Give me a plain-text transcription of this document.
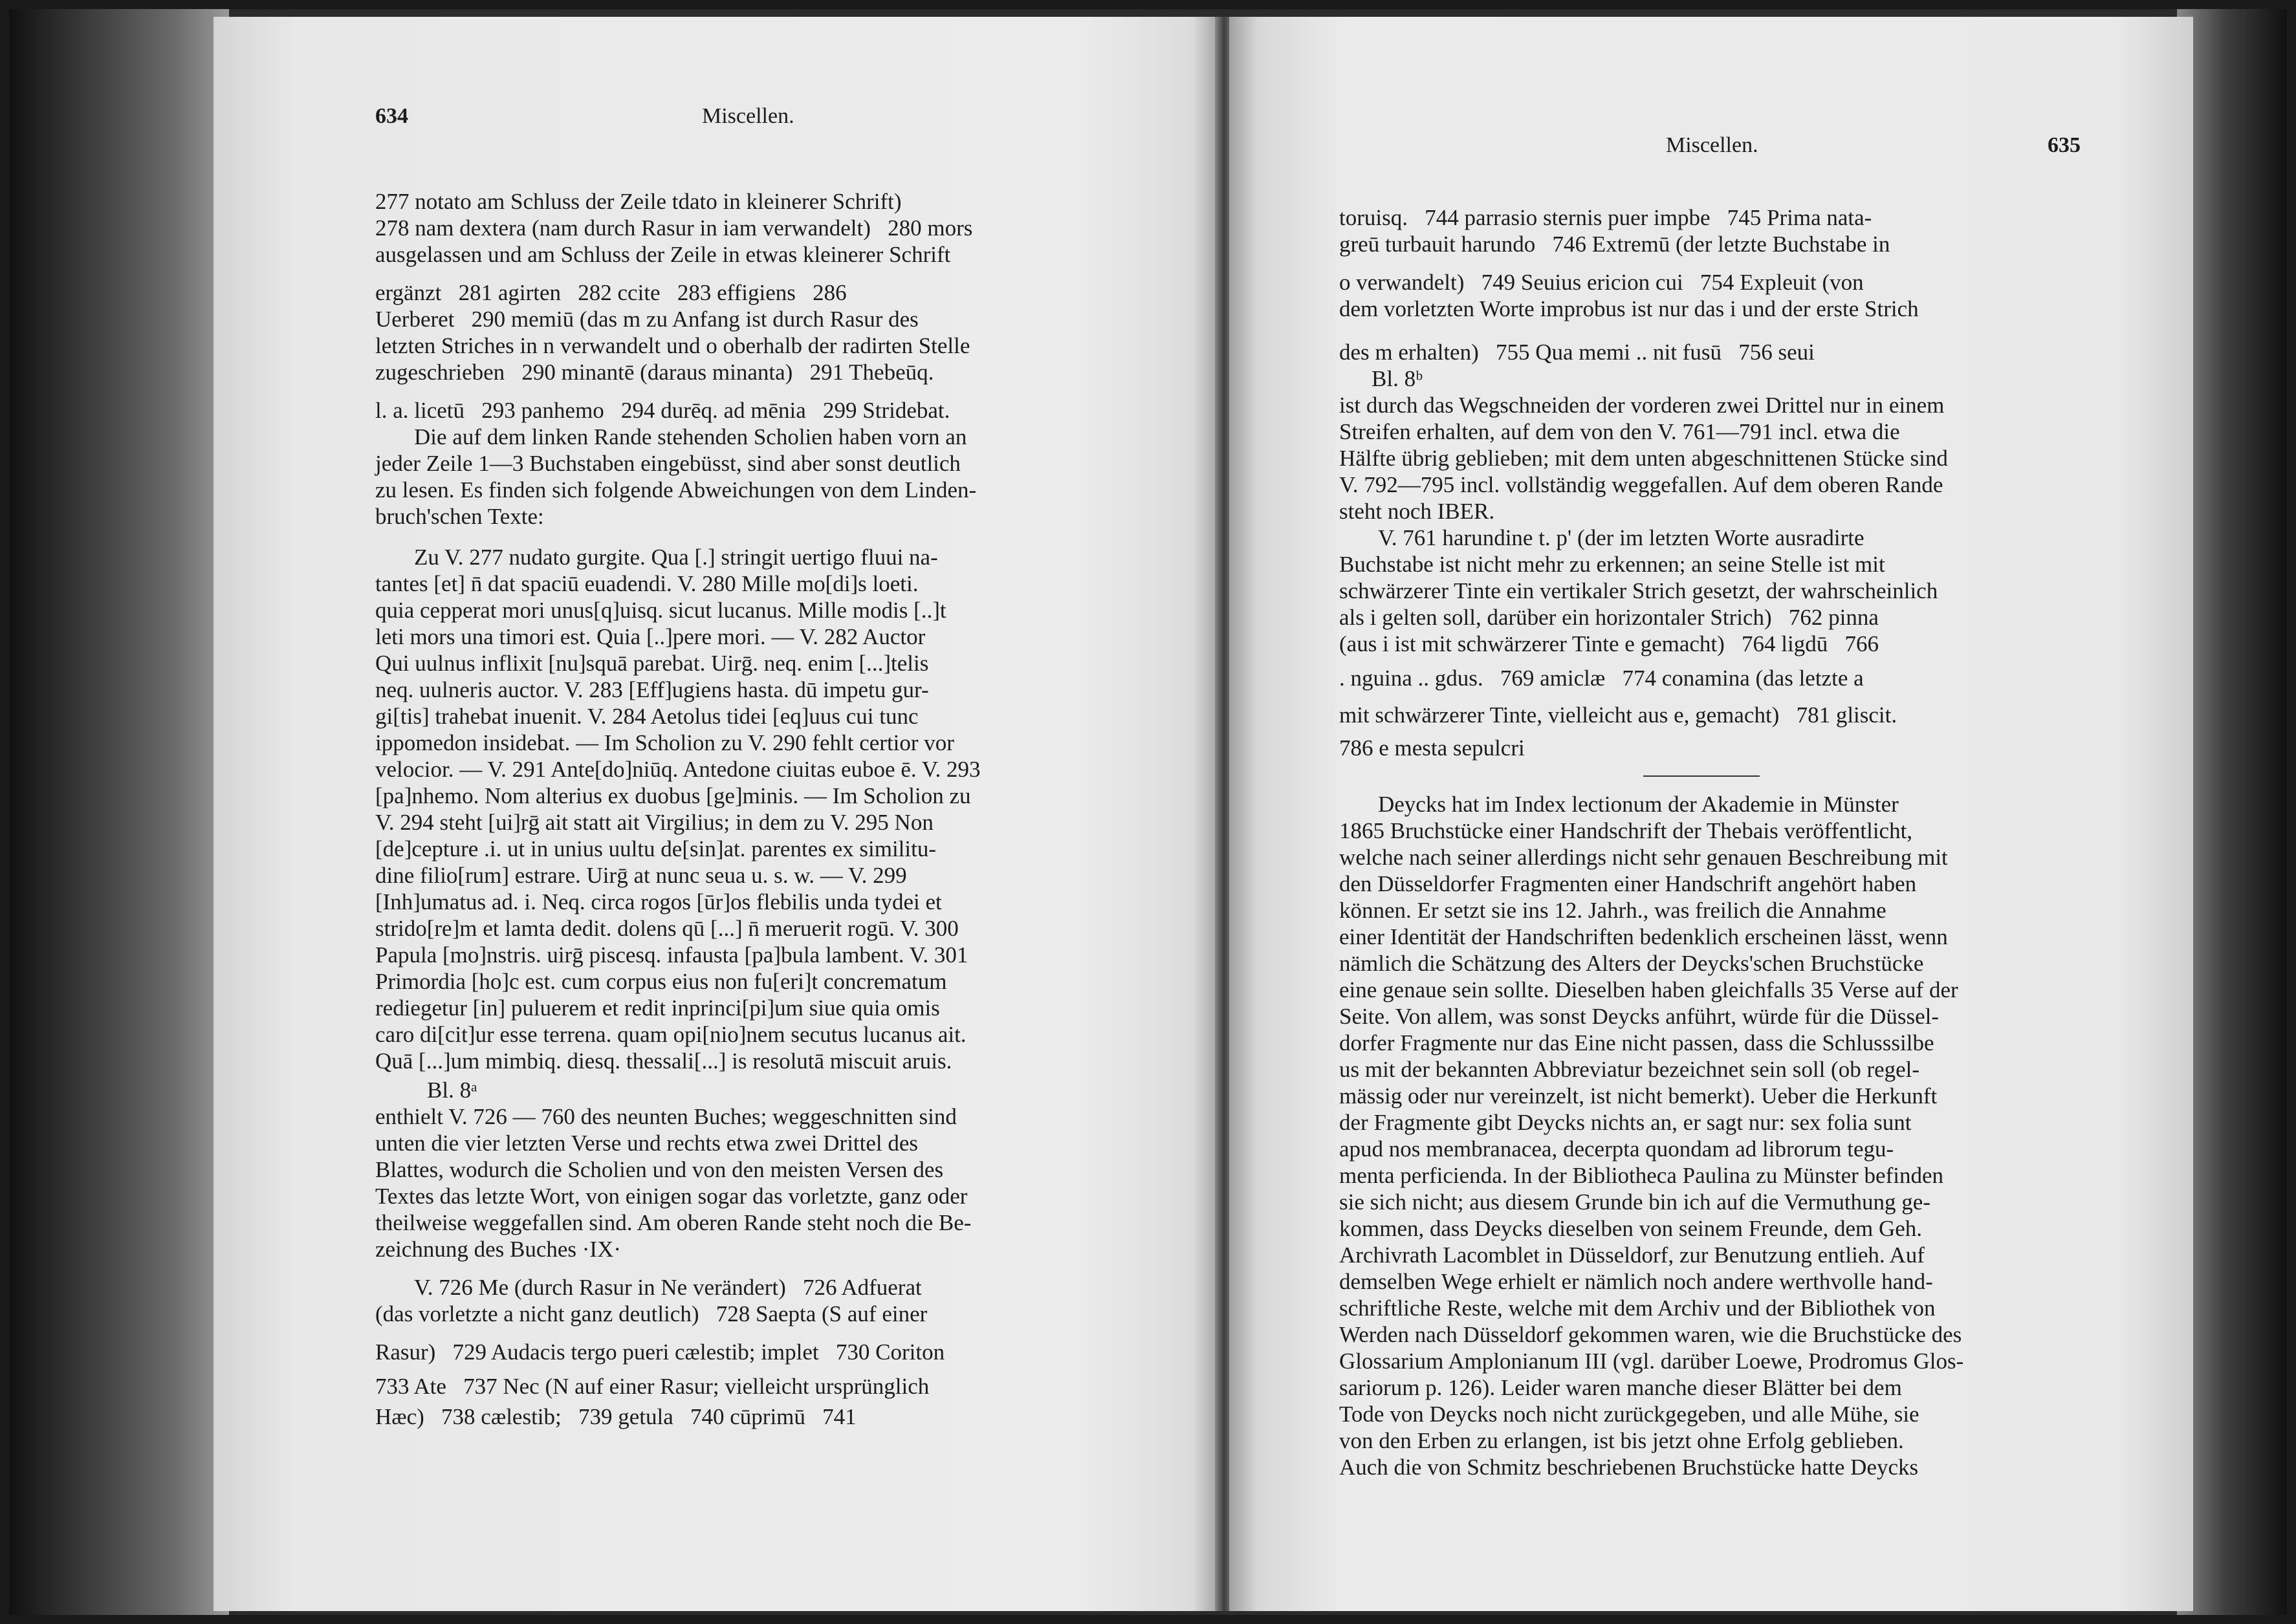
634	Miscellen.
277 notato am Schluss der Zeile tdato in kleinerer Schrift)
278 nam dextera (nam durch Rasur in iam verwandelt)   280 mors
ausgelassen und am Schluss der Zeile in etwas kleinerer Schrift
ergänzt   281 agirten   282 ccite   283 effigiens   286
Uerberet   290 memiū (das m zu Anfang ist durch Rasur des
letzten Striches in n verwandelt und o oberhalb der radirten Stelle
zugeschrieben   290 minantē (daraus minanta)   291 Thebeūq.
l. a. licetū   293 panhemo   294 durēq. ad mēnia   299 Stridebat.
Die auf dem linken Rande stehenden Scholien haben vorn an
jeder Zeile 1—3 Buchstaben eingebüsst, sind aber sonst deutlich
zu lesen. Es finden sich folgende Abweichungen von dem Linden-
bruch'schen Texte:
Zu V. 277 nudato gurgite. Qua [.] stringit uertigo fluui na-
tantes [et] n̄ dat spaciū euadendi. V. 280 Mille mo[di]s loeti.
quia cepperat mori unus[q]uisq. sicut lucanus. Mille modis [..]t
leti mors una timori est. Quia [..]pere mori. — V. 282 Auctor
Qui uulnus inflixit [nu]squā parebat. Uirḡ. neq. enim [...]telis
neq. uulneris auctor. V. 283 [Eff]ugiens hasta. dū impetu gur-
gi[tis] trahebat inuenit. V. 284 Aetolus tidei [eq]uus cui tunc
ippomedon insidebat. — Im Scholion zu V. 290 fehlt certior vor
velocior. — V. 291 Ante[do]niūq. Antedone ciuitas euboe ē. V. 293
[pa]nhemo. Nom alterius ex duobus [ge]minis. — Im Scholion zu
V. 294 steht [ui]rḡ ait statt ait Virgilius; in dem zu V. 295 Non
[de]cepture .i. ut in unius uultu de[sin]at. parentes ex similitu-
dine filio[rum] estrare. Uirḡ at nunc seua u. s. w. — V. 299
[Inh]umatus ad. i. Neq. circa rogos [ūr]os flebilis unda tydei et
strido[re]m et lamta dedit. dolens qū [...] n̄ meruerit rogū. V. 300
Papula [mo]nstris. uirḡ piscesq. infausta [pa]bula lambent. V. 301
Primordia [ho]c est. cum corpus eius non fu[eri]t concrematum
rediegetur [in] puluerem et redit inprinci[pi]um siue quia omis
caro di[cit]ur esse terrena. quam opi[nio]nem secutus lucanus ait.
Quā [...]um mimbiq. diesq. thessali[...] is resolutā miscuit aruis.
Bl. 8ᵃ
enthielt V. 726 — 760 des neunten Buches; weggeschnitten sind
unten die vier letzten Verse und rechts etwa zwei Drittel des
Blattes, wodurch die Scholien und von den meisten Versen des
Textes das letzte Wort, von einigen sogar das vorletzte, ganz oder
theilweise weggefallen sind. Am oberen Rande steht noch die Be-
zeichnung des Buches ·IX·
V. 726 Me (durch Rasur in Ne verändert)   726 Adfuerat
(das vorletzte a nicht ganz deutlich)   728 Saepta (S auf einer
Rasur)   729 Audacis tergo pueri cælestib; implet   730 Coriton
733 Ate   737 Nec (N auf einer Rasur; vielleicht ursprünglich
Hæc)   738 cælestib;   739 getula   740 cūprimū   741
Miscellen.	635
toruisq.   744 parrasio sternis puer impbe   745 Prima nata-
greū turbauit harundo   746 Extremū (der letzte Buchstabe in
o verwandelt)   749 Seuius ericion cui   754 Expleuit (von
dem vorletzten Worte improbus ist nur das i und der erste Strich
des m erhalten)   755 Qua memi .. nit fusū   756 seui
Bl. 8ᵇ
ist durch das Wegschneiden der vorderen zwei Drittel nur in einem
Streifen erhalten, auf dem von den V. 761—791 incl. etwa die
Hälfte übrig geblieben; mit dem unten abgeschnittenen Stücke sind
V. 792—795 incl. vollständig weggefallen. Auf dem oberen Rande
steht noch IBER.
V. 761 harundine t. p' (der im letzten Worte ausradirte
Buchstabe ist nicht mehr zu erkennen; an seine Stelle ist mit
schwärzerer Tinte ein vertikaler Strich gesetzt, der wahrscheinlich
als i gelten soll, darüber ein horizontaler Strich)   762 pinna
(aus i ist mit schwärzerer Tinte e gemacht)   764 ligdū   766
. nguina .. gdus.   769 amiclæ   774 conamina (das letzte a
mit schwärzerer Tinte, vielleicht aus e, gemacht)   781 gliscit.
786 e mesta sepulcri
Deycks hat im Index lectionum der Akademie in Münster
1865 Bruchstücke einer Handschrift der Thebais veröffentlicht,
welche nach seiner allerdings nicht sehr genauen Beschreibung mit
den Düsseldorfer Fragmenten einer Handschrift angehört haben
können. Er setzt sie ins 12. Jahrh., was freilich die Annahme
einer Identität der Handschriften bedenklich erscheinen lässt, wenn
nämlich die Schätzung des Alters der Deycks'schen Bruchstücke
eine genaue sein sollte. Dieselben haben gleichfalls 35 Verse auf der
Seite. Von allem, was sonst Deycks anführt, würde für die Düssel-
dorfer Fragmente nur das Eine nicht passen, dass die Schlusssilbe
us mit der bekannten Abbreviatur bezeichnet sein soll (ob regel-
mässig oder nur vereinzelt, ist nicht bemerkt). Ueber die Herkunft
der Fragmente gibt Deycks nichts an, er sagt nur: sex folia sunt
apud nos membranacea, decerpta quondam ad librorum tegu-
menta perficienda. In der Bibliotheca Paulina zu Münster befinden
sie sich nicht; aus diesem Grunde bin ich auf die Vermuthung ge-
kommen, dass Deycks dieselben von seinem Freunde, dem Geh.
Archivrath Lacomblet in Düsseldorf, zur Benutzung entlieh. Auf
demselben Wege erhielt er nämlich noch andere werthvolle hand-
schriftliche Reste, welche mit dem Archiv und der Bibliothek von
Werden nach Düsseldorf gekommen waren, wie die Bruchstücke des
Glossarium Amplonianum III (vgl. darüber Loewe, Prodromus Glos-
sariorum p. 126). Leider waren manche dieser Blätter bei dem
Tode von Deycks noch nicht zurückgegeben, und alle Mühe, sie
von den Erben zu erlangen, ist bis jetzt ohne Erfolg geblieben.
Auch die von Schmitz beschriebenen Bruchstücke hatte Deycks
